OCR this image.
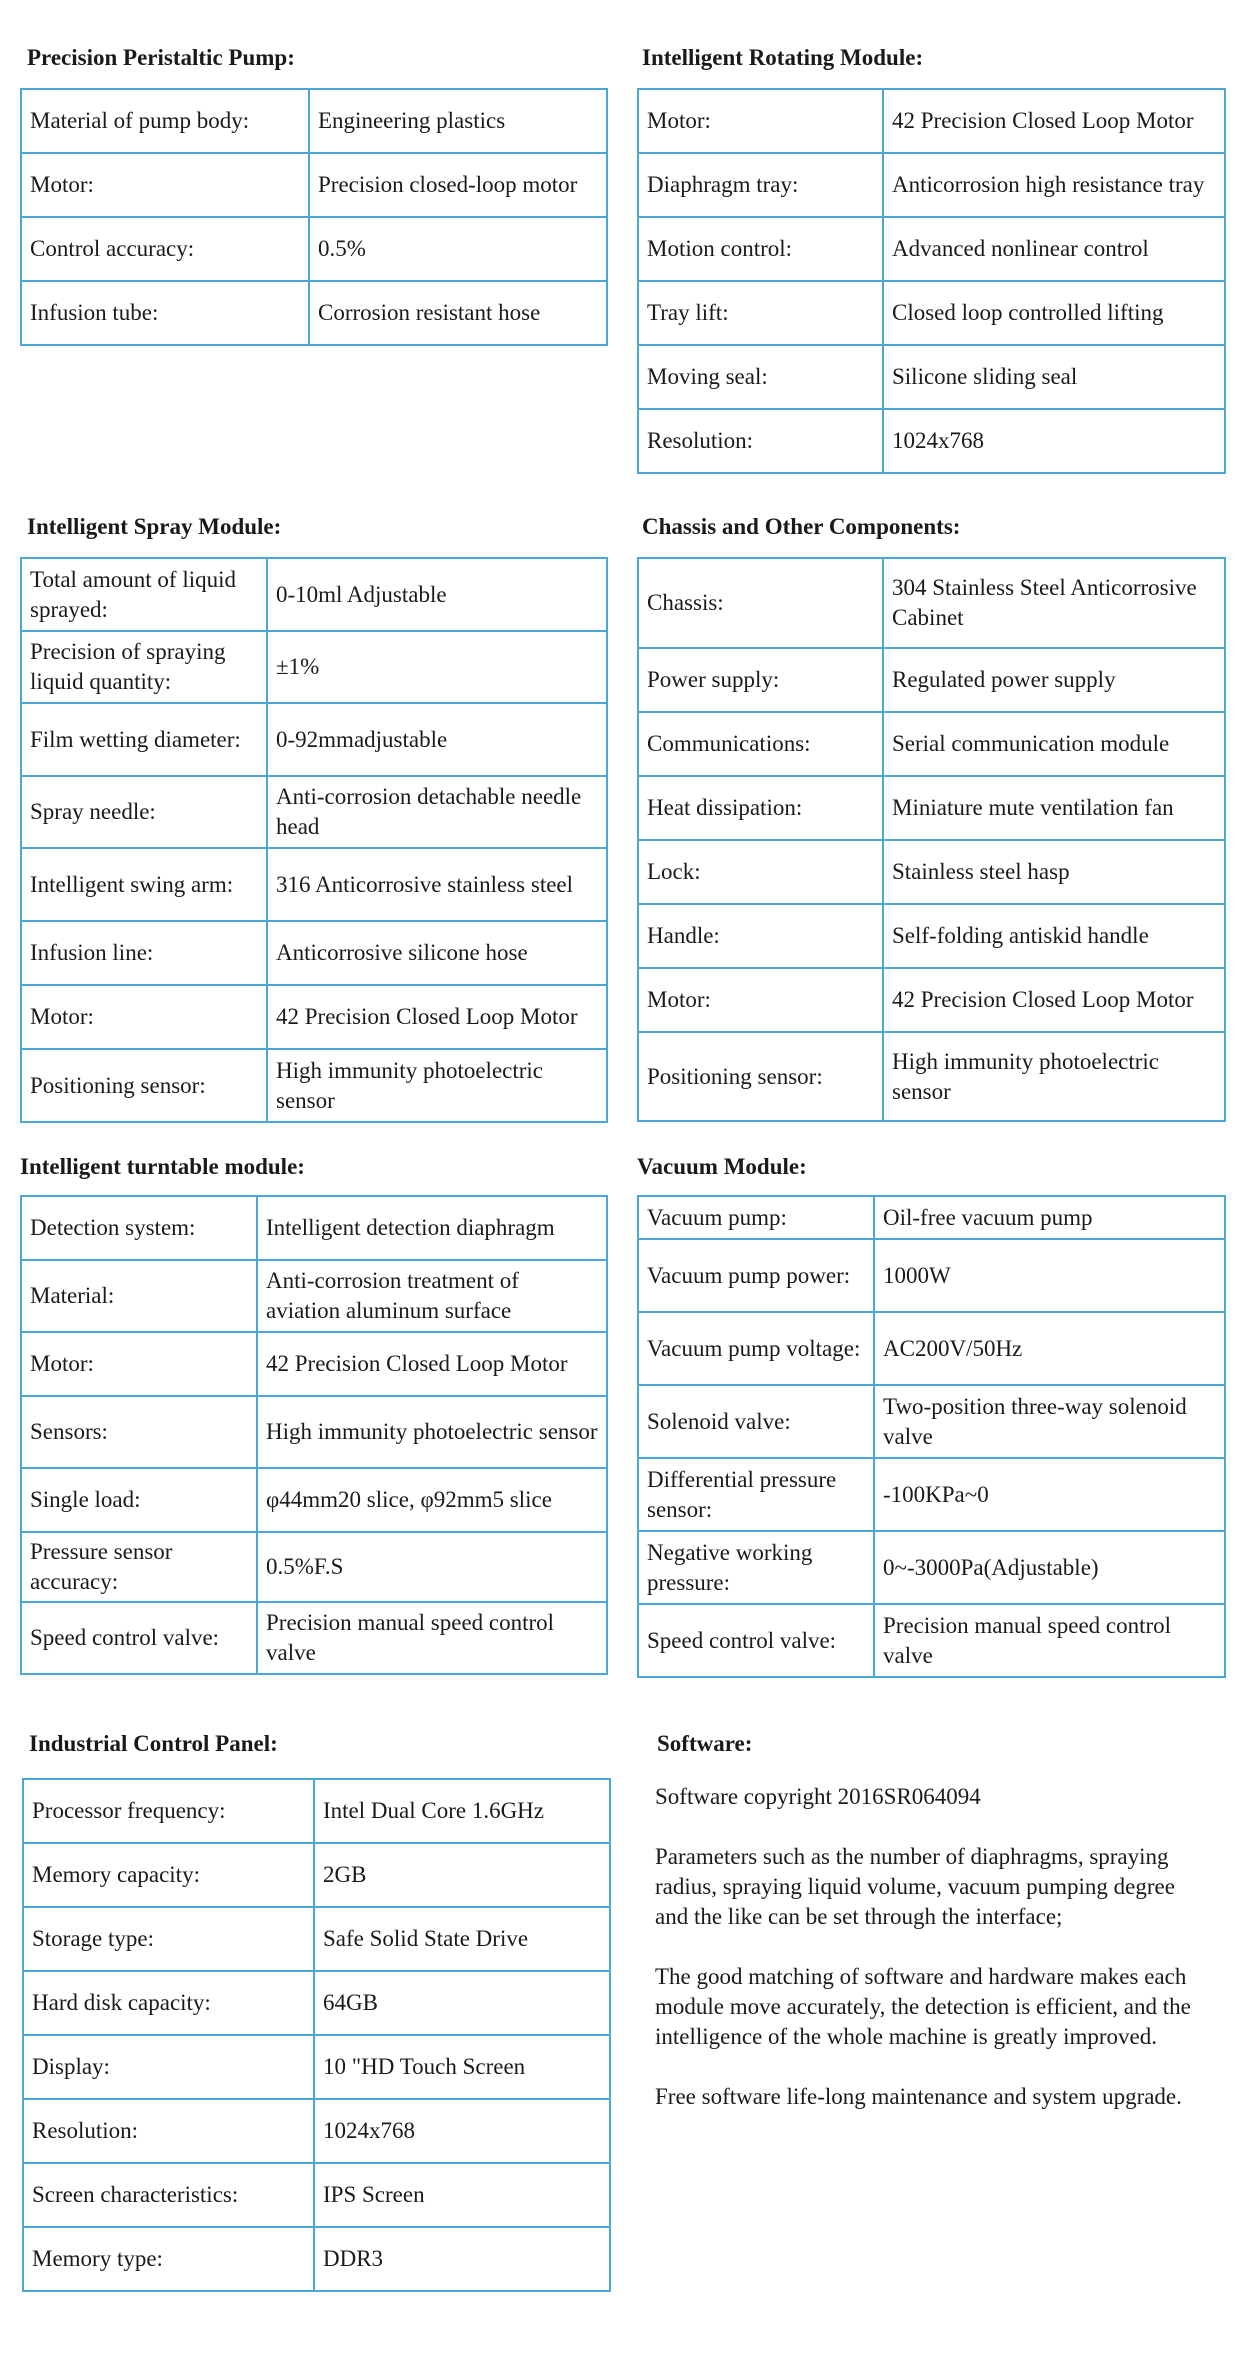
Precision Peristaltic Pump:
Material of pump body:	Engineering plastics
Motor:	Precision closed-loop motor
Control accuracy:	0.5%
Infusion tube:	Corrosion resistant hose
Intelligent Rotating Module:
Motor:	42 Precision Closed Loop Motor
Diaphragm tray:	Anticorrosion high resistance tray
Motion control:	Advanced nonlinear control
Tray lift:	Closed loop controlled lifting
Moving seal:	Silicone sliding seal
Resolution:	1024x768
Intelligent Spray Module:
Total amount of liquid sprayed:	0-10ml Adjustable
Precision of spraying liquid quantity:	±1%
Film wetting diameter:	0-92mmadjustable
Spray needle:	Anti-corrosion detachable needle head
Intelligent swing arm:	316 Anticorrosive stainless steel
Infusion line:	Anticorrosive silicone hose
Motor:	42 Precision Closed Loop Motor
Positioning sensor:	High immunity photoelectric sensor
Chassis and Other Components:
Chassis:	304 Stainless Steel Anticorrosive Cabinet
Power supply:	Regulated power supply
Communications:	Serial communication module
Heat dissipation:	Miniature mute ventilation fan
Lock:	Stainless steel hasp
Handle:	Self-folding antiskid handle
Motor:	42 Precision Closed Loop Motor
Positioning sensor:	High immunity photoelectric sensor
Intelligent turntable module:
Detection system:	Intelligent detection diaphragm
Material:	Anti-corrosion treatment of aviation aluminum surface
Motor:	42 Precision Closed Loop Motor
Sensors:	High immunity photoelectric sensor
Single load:	φ44mm20 slice, φ92mm5 slice
Pressure sensor accuracy:	0.5%F.S
Speed control valve:	Precision manual speed control valve
Vacuum Module:
Vacuum pump:	Oil-free vacuum pump
Vacuum pump power:	1000W
Vacuum pump voltage:	AC200V/50Hz
Solenoid valve:	Two-position three-way solenoid valve
Differential pressure sensor:	-100KPa~0
Negative working pressure:	0~-3000Pa(Adjustable)
Speed control valve:	Precision manual speed control valve
Industrial Control Panel:
Processor frequency:	Intel Dual Core 1.6GHz
Memory capacity:	2GB
Storage type:	Safe Solid State Drive
Hard disk capacity:	64GB
Display:	10 "HD Touch Screen
Resolution:	1024x768
Screen characteristics:	IPS Screen
Memory type:	DDR3
Software:

Software copyright 2016SR064094

Parameters such as the number of diaphragms, spraying radius, spraying liquid volume, vacuum pumping degree and the like can be set through the interface;

The good matching of software and hardware makes each module move accurately, the detection is efficient, and the intelligence of the whole machine is greatly improved.

Free software life-long maintenance and system upgrade.
